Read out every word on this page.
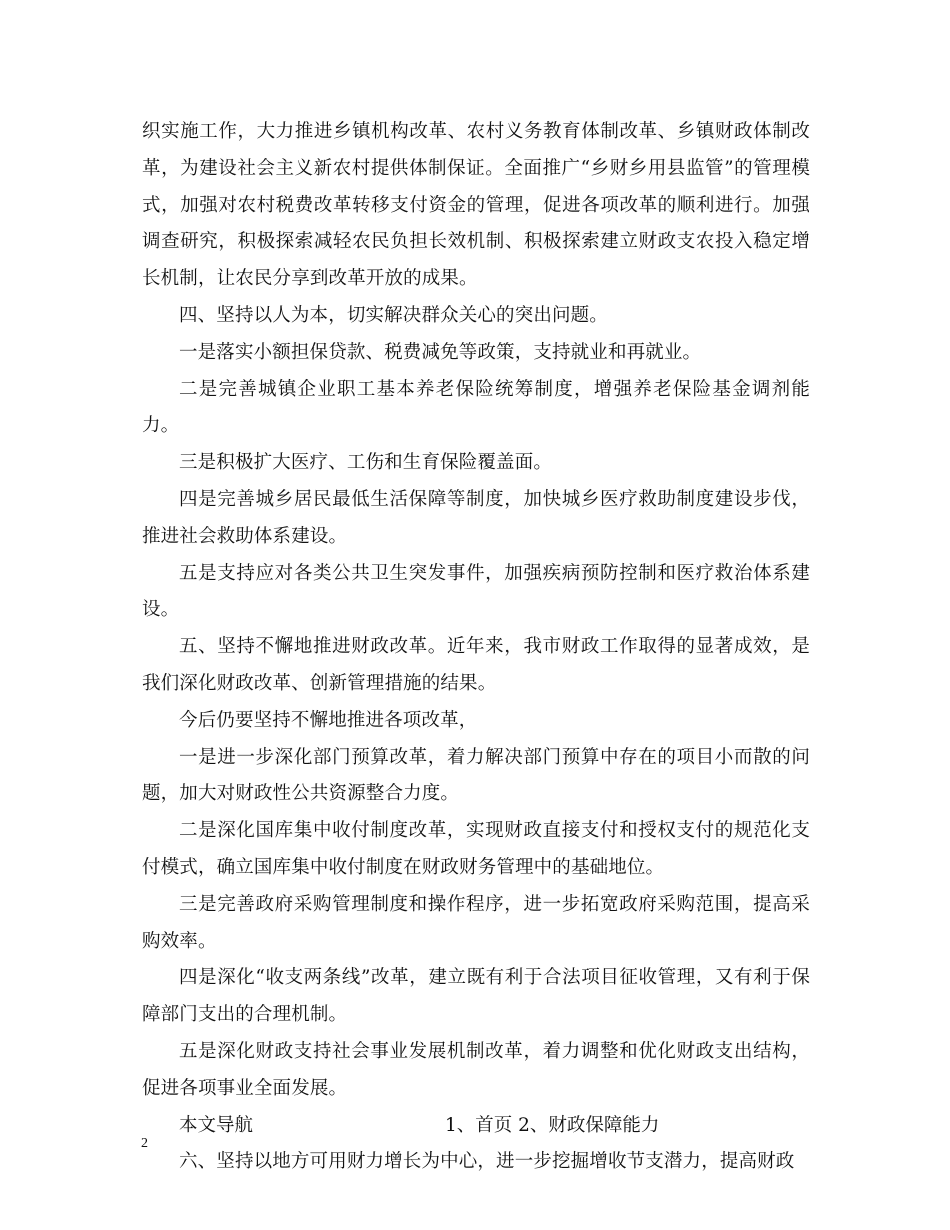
织实施工作，大力推进乡镇机构改革、农村义务教育体制改革、乡镇财政体制改革，为建设社会主义新农村提供体制保证。全面推广“乡财乡用县监管”的管理模式，加强对农村税费改革转移支付资金的管理，促进各项改革的顺利进行。加强调查研究，积极探索减轻农民负担长效机制、积极探索建立财政支农投入稳定增长机制，让农民分享到改革开放的成果。

四、坚持以人为本，切实解决群众关心的突出问题。

一是落实小额担保贷款、税费减免等政策，支持就业和再就业。

二是完善城镇企业职工基本养老保险统筹制度，增强养老保险基金调剂能力。

三是积极扩大医疗、工伤和生育保险覆盖面。

四是完善城乡居民最低生活保障等制度，加快城乡医疗救助制度建设步伐，推进社会救助体系建设。

五是支持应对各类公共卫生突发事件，加强疾病预防控制和医疗救治体系建设。

五、坚持不懈地推进财政改革。近年来，我市财政工作取得的显著成效，是我们深化财政改革、创新管理措施的结果。

今后仍要坚持不懈地推进各项改革，

一是进一步深化部门预算改革，着力解决部门预算中存在的项目小而散的问题，加大对财政性公共资源整合力度。

二是深化国库集中收付制度改革，实现财政直接支付和授权支付的规范化支付模式，确立国库集中收付制度在财政财务管理中的基础地位。

三是完善政府采购管理制度和操作程序，进一步拓宽政府采购范围，提高采购效率。

四是深化“收支两条线”改革，建立既有利于合法项目征收管理，又有利于保障部门支出的合理机制。

五是深化财政支持社会事业发展机制改革，着力调整和优化财政支出结构，促进各项事业全面发展。

本文导航	1、首页 2、财政保障能力

六、坚持以地方可用财力增长为中心，进一步挖掘增收节支潜力，提高财政

2
